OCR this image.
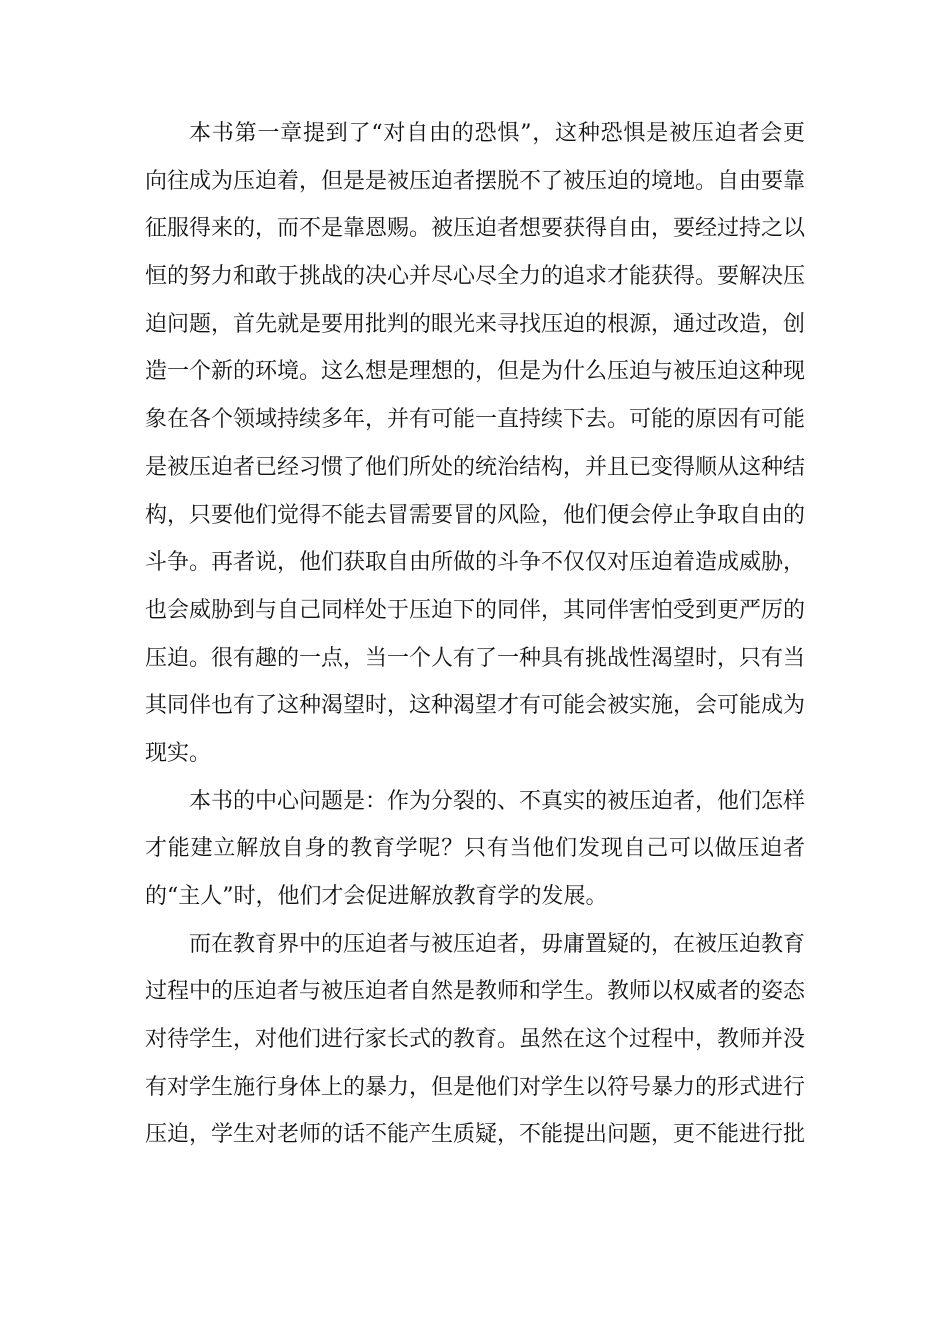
本书第一章提到了“对自由的恐惧”，这种恐惧是被压迫者会更
向往成为压迫着，但是是被压迫者摆脱不了被压迫的境地。自由要靠
征服得来的，而不是靠恩赐。被压迫者想要获得自由，要经过持之以
恒的努力和敢于挑战的决心并尽心尽全力的追求才能获得。要解决压
迫问题，首先就是要用批判的眼光来寻找压迫的根源，通过改造，创
造一个新的环境。这么想是理想的，但是为什么压迫与被压迫这种现
象在各个领域持续多年，并有可能一直持续下去。可能的原因有可能
是被压迫者已经习惯了他们所处的统治结构，并且已变得顺从这种结
构，只要他们觉得不能去冒需要冒的风险，他们便会停止争取自由的
斗争。再者说，他们获取自由所做的斗争不仅仅对压迫着造成威胁，
也会威胁到与自己同样处于压迫下的同伴，其同伴害怕受到更严厉的
压迫。很有趣的一点，当一个人有了一种具有挑战性渴望时，只有当
其同伴也有了这种渴望时，这种渴望才有可能会被实施，会可能成为
现实。
本书的中心问题是：作为分裂的、不真实的被压迫者，他们怎样
才能建立解放自身的教育学呢？只有当他们发现自己可以做压迫者
的“主人”时，他们才会促进解放教育学的发展。
而在教育界中的压迫者与被压迫者，毋庸置疑的，在被压迫教育
过程中的压迫者与被压迫者自然是教师和学生。教师以权威者的姿态
对待学生，对他们进行家长式的教育。虽然在这个过程中，教师并没
有对学生施行身体上的暴力，但是他们对学生以符号暴力的形式进行
压迫，学生对老师的话不能产生质疑，不能提出问题，更不能进行批
